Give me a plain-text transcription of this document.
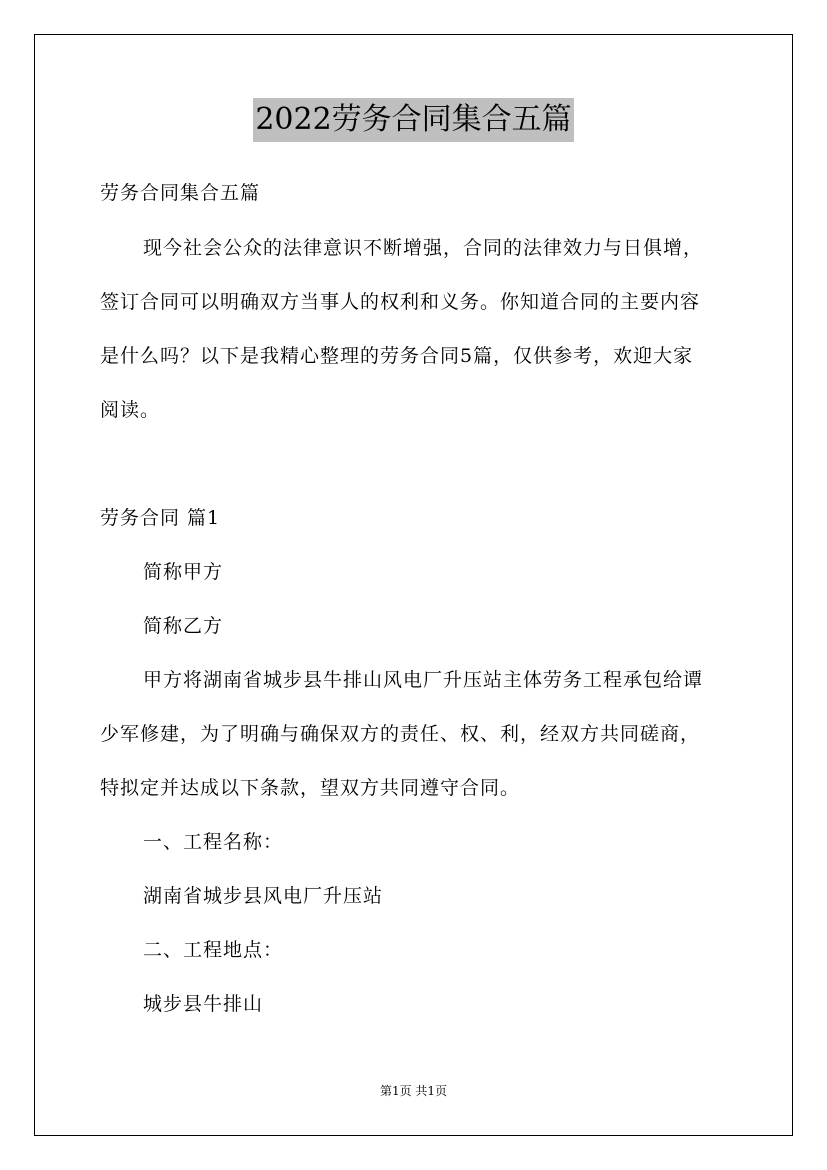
2022劳务合同集合五篇
劳务合同集合五篇
现今社会公众的法律意识不断增强，合同的法律效力与日俱增，
签订合同可以明确双方当事人的权利和义务。你知道合同的主要内容
是什么吗？以下是我精心整理的劳务合同5篇，仅供参考，欢迎大家
阅读。
劳务合同 篇1
简称甲方
简称乙方
甲方将湖南省城步县牛排山风电厂升压站主体劳务工程承包给谭
少军修建，为了明确与确保双方的责任、权、利，经双方共同磋商，
特拟定并达成以下条款，望双方共同遵守合同。
一、工程名称：
湖南省城步县风电厂升压站
二、工程地点：
城步县牛排山
第1页 共1页
